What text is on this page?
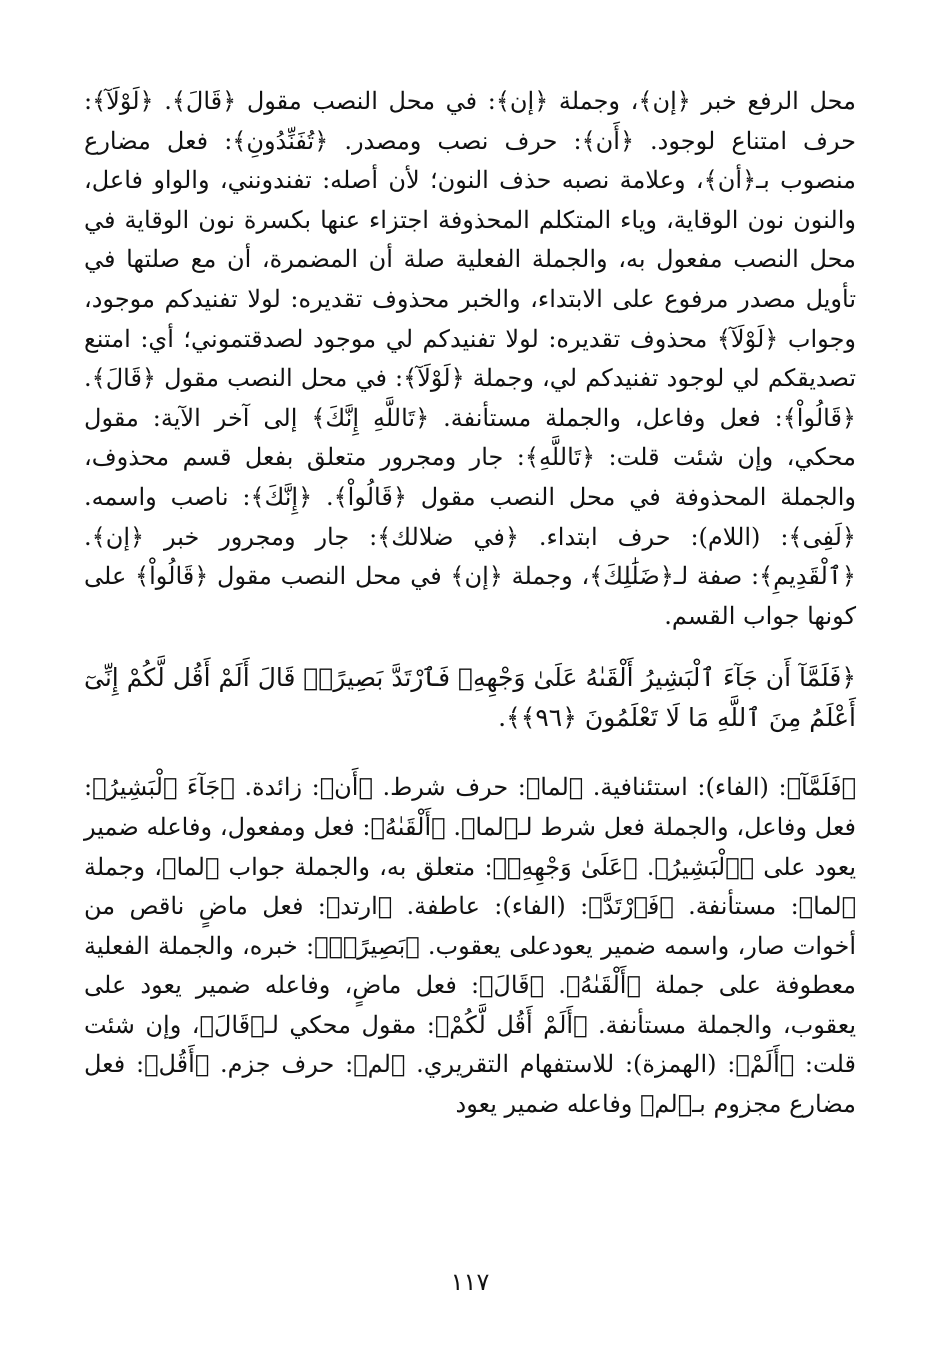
محل الرفع خبر ﴿إن﴾، وجملة ﴿إن﴾: في محل النصب مقول ﴿قَالَ﴾. ﴿لَوْلَآ﴾: حرف امتناع لوجود. ﴿أَن﴾: حرف نصب ومصدر. ﴿تُفَنِّدُونِ﴾: فعل مضارع منصوب بـ﴿أن﴾، وعلامة نصبه حذف النون؛ لأن أصله: تفندونني، والواو فاعل، والنون نون الوقاية، وياء المتكلم المحذوفة اجتزاء عنها بكسرة نون الوقاية في محل النصب مفعول به، والجملة الفعلية صلة أن المضمرة، أن مع صلتها في تأويل مصدر مرفوع على الابتداء، والخبر محذوف تقديره: لولا تفنيدكم موجود، وجواب ﴿لَوْلَآ﴾ محذوف تقديره: لولا تفنيدكم لي موجود لصدقتموني؛ أي: امتنع تصديقكم لي لوجود تفنيدكم لي، وجملة ﴿لَوْلَآ﴾: في محل النصب مقول ﴿قَالَ﴾. ﴿قَالُواْ﴾: فعل وفاعل، والجملة مستأنفة. ﴿تَاللَّهِ إِنَّكَ﴾ إلى آخر الآية: مقول محكي، وإن شئت قلت: ﴿تَاللَّهِ﴾: جار ومجرور متعلق بفعل قسم محذوف، والجملة المحذوفة في محل النصب مقول ﴿قَالُواْ﴾. ﴿إِنَّكَ﴾: ناصب واسمه. ﴿لَفِى﴾: (اللام): حرف ابتداء. ﴿في ضلالك﴾: جار ومجرور خبر ﴿إن﴾. ﴿ٱلْقَدِيمِ﴾: صفة لـ﴿ضَلَٰلِكَ﴾، وجملة ﴿إن﴾ في محل النصب مقول ﴿قَالُواْ﴾ على كونها جواب القسم.

﴿فَلَمَّآ أَن جَآءَ ٱلْبَشِيرُ أَلْقَىٰهُ عَلَىٰ وَجْهِهِۦ فَٱرْتَدَّ بَصِيرًاۖ قَالَ أَلَمْ أَقُل لَّكُمْ إِنِّىٓ أَعْلَمُ مِنَ ٱللَّهِ مَا لَا تَعْلَمُونَ ﴿٩٦﴾﴾.

﴿فَلَمَّآ﴾: (الفاء): استئنافية. ﴿لما﴾: حرف شرط. ﴿أَن﴾: زائدة. ﴿جَآءَ ٱلْبَشِيرُ﴾: فعل وفاعل، والجملة فعل شرط لـ﴿لما﴾. ﴿أَلْقَىٰهُ﴾: فعل ومفعول، وفاعله ضمير يعود على ﴿ٱلْبَشِيرُ﴾. ﴿عَلَىٰ وَجْهِهِۦ﴾: متعلق به، والجملة جواب ﴿لما﴾، وجملة ﴿لما﴾: مستأنفة. ﴿فَٱرْتَدَّ﴾: (الفاء): عاطفة. ﴿ارتد﴾: فعل ماضٍ ناقص من أخوات صار، واسمه ضمير يعودعلى يعقوب. ﴿بَصِيرًاۖ﴾: خبره، والجملة الفعلية معطوفة على جملة ﴿أَلْقَىٰهُ﴾. ﴿قَالَ﴾: فعل ماضٍ، وفاعله ضمير يعود على يعقوب، والجملة مستأنفة. ﴿أَلَمْ أَقُل لَّكُمْ﴾: مقول محكي لـ﴿قَالَ﴾، وإن شئت قلت: ﴿أَلَمْ﴾: (الهمزة): للاستفهام التقريري. ﴿لم﴾: حرف جزم. ﴿أَقُل﴾: فعل مضارع مجزوم بـ﴿لم﴾ وفاعله ضمير يعود

١١٧
